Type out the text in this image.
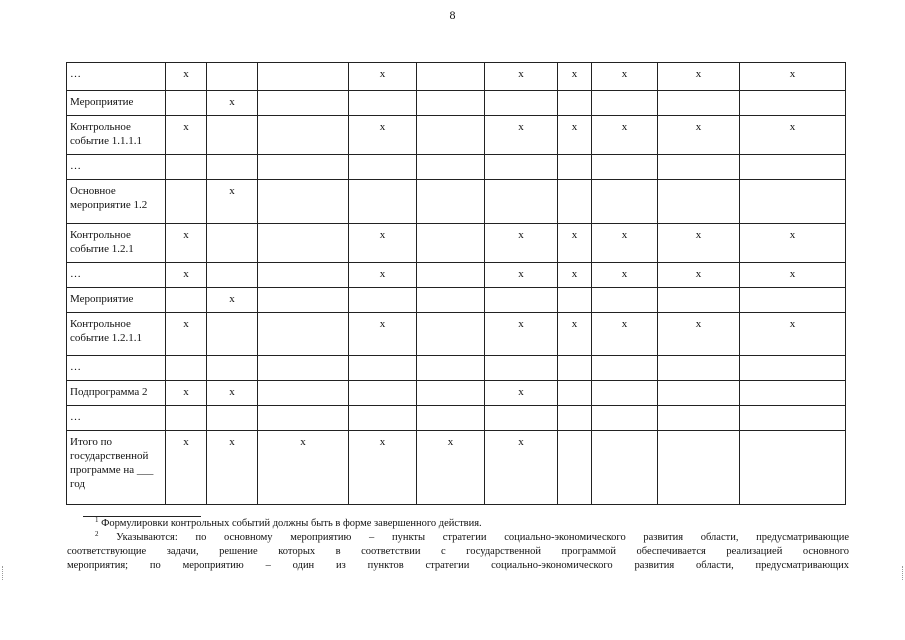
8
…	x			x		x	x	x	x	x
Мероприятие		x								
Контрольное событие 1.1.1.1	x			x		x	x	x	x	x
…										
Основное мероприятие 1.2		x								
Контрольное событие 1.2.1	x			x		x	x	x	x	x
…	x			x		x	x	x	x	x
Мероприятие		x								
Контрольное событие 1.2.1.1	x			x		x	x	x	x	x
…										
Подпрограмма 2	x	x				x				
…										
Итого по государственной программе на ___ год	x	x	x	x	x	x				
$^1$ Формулировки контрольных событий должны быть в форме завершенного действия.
$^2$ Указываются: по основному мероприятию – пункты стратегии социально-экономического развития области, предусматривающие
соответствующие задачи, решение которых в соответствии с государственной программой обеспечивается реализацией основного
мероприятия; по мероприятию – один из пунктов стратегии социально-экономического развития области, предусматривающих
